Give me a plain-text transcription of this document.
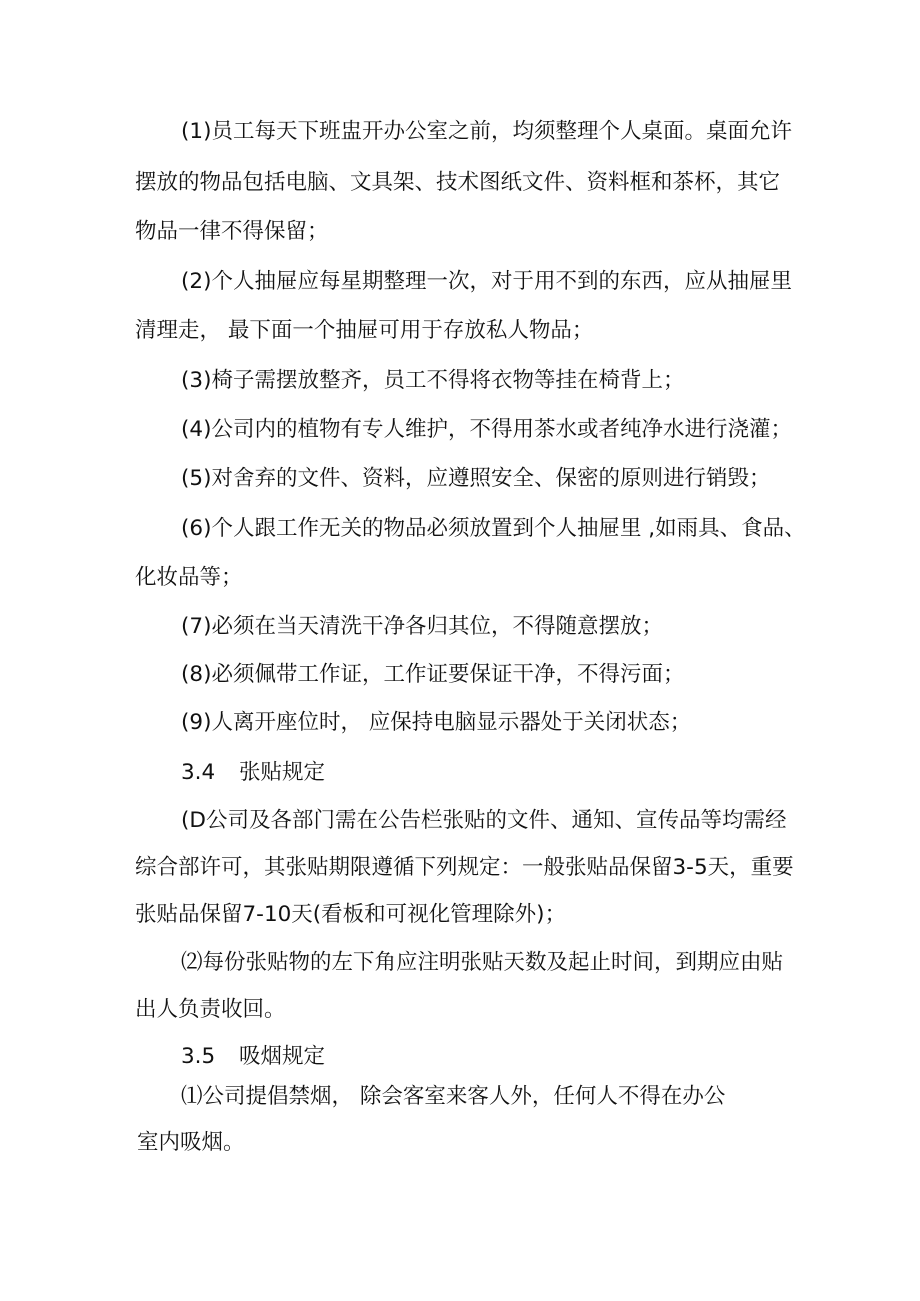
(1)员工每天下班盅开办公室之前，均须整理个人桌面。桌面允许
摆放的物品包括电脑、文具架、技术图纸文件、资料框和茶杯，其它
物品一律不得保留；
(2)个人抽屉应每星期整理一次，对于用不到的东西，应从抽屉里
清理走， 最下面一个抽屉可用于存放私人物品；
(3)椅子需摆放整齐，员工不得将衣物等挂在椅背上；
(4)公司内的植物有专人维护，不得用茶水或者纯净水进行浇灌；
(5)对舍弃的文件、资料，应遵照安全、保密的原则进行销毁；
(6)个人跟工作无关的物品必须放置到个人抽屉里 ,如雨具、食品、
化妆品等；
(7)必须在当天清洗干净各归其位，不得随意摆放；
(8)必须佩带工作证，工作证要保证干净，不得污面；
(9)人离开座位时， 应保持电脑显示器处于关闭状态；
3.4 张贴规定
(D公司及各部门需在公告栏张贴的文件、通知、宣传品等均需经
综合部许可，其张贴期限遵循下列规定：一般张贴品保留3-5天，重要
张贴品保留7-10天(看板和可视化管理除外)；
⑵每份张贴物的左下角应注明张贴天数及起止时间，到期应由贴
出人负责收回。
3.5 吸烟规定
⑴公司提倡禁烟， 除会客室来客人外，任何人不得在办公
室内吸烟。
